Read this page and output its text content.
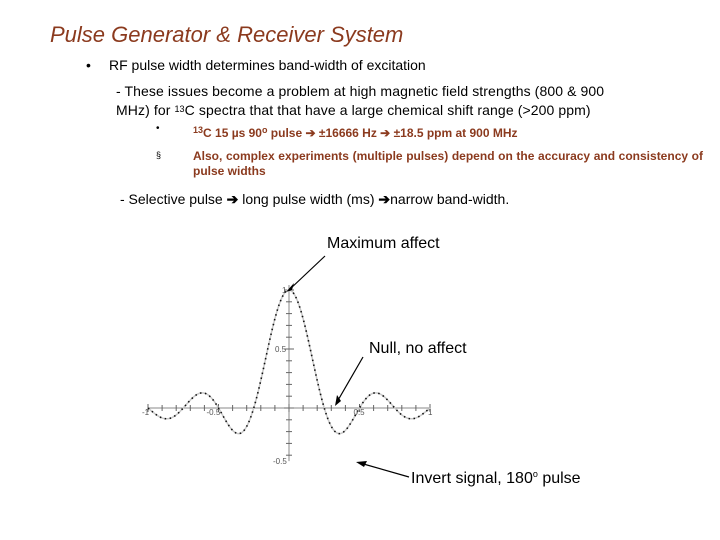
Pulse Generator & Receiver System
• RF pulse width determines band-width of excitation
- These issues become a problem at high magnetic field strengths (800 & 900
MHz) for $^{13}$C spectra that that have a large chemical shift range (>200 ppm)
•	$^{13}$C 15 µs 90$^o$ pulse ➔ ±16666 Hz ➔ ±18.5 ppm at 900 MHz
§	Also, complex experiments (multiple pulses) depend on the accuracy and consistency of pulse widths
- Selective pulse ➔ long pulse width (ms) ➔narrow band-width.
-1	-0.5	0.5	1
1
0.5
-0.5
Maximum affect
Null, no affect
Invert signal, 180$^o$ pulse
